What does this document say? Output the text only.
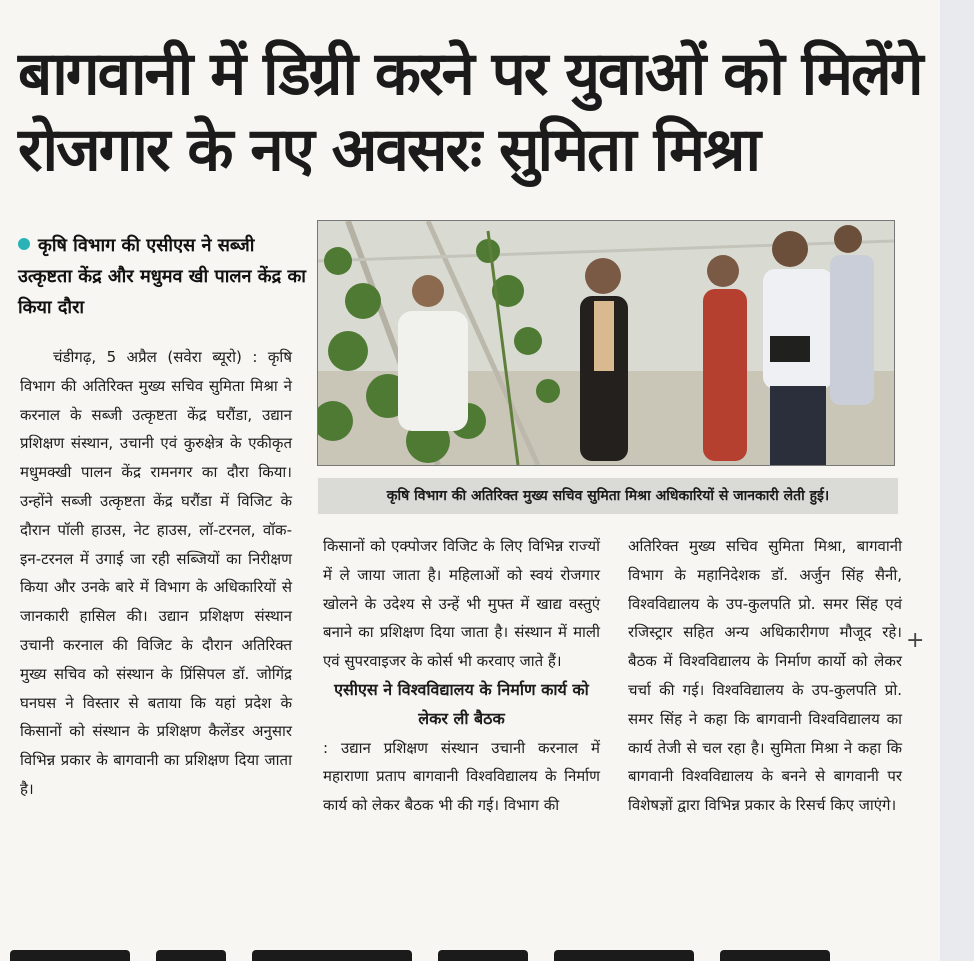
बागवानी में डिग्री करने पर युवाओं को मिलेंगे
रोजगार के नए अवसरः सुमिता मिश्रा
कृषि विभाग की एसीएस ने सब्जी उत्कृष्टता केंद्र और मधुमव खी पालन केंद्र का किया दौरा
कृषि विभाग की अतिरिक्त मुख्य सचिव सुमिता मिश्रा अधिकारियों से जानकारी लेती हुई।

चंडीगढ़, 5 अप्रैल (सवेरा ब्यूरो) : कृषि विभाग की अतिरिक्त मुख्य सचिव सुमिता मिश्रा ने करनाल के सब्जी उत्कृष्टता केंद्र घरौंडा, उद्यान प्रशिक्षण संस्थान, उचानी एवं कुरुक्षेत्र के एकीकृत मधुमक्खी पालन केंद्र रामनगर का दौरा किया। उन्होंने सब्जी उत्कृष्टता केंद्र घरौंडा में विजिट के दौरान पॉली हाउस, नेट हाउस, लॉ-टरनल, वॉक-इन-टरनल में उगाई जा रही सब्जियों का निरीक्षण किया और उनके बारे में विभाग के अधिकारियों से जानकारी हासिल की। उद्यान प्रशिक्षण संस्थान उचानी करनाल की विजिट के दौरान अतिरिक्त मुख्य सचिव को संस्थान के प्रिंसिपल डॉ. जोगिंद्र घनघस ने विस्तार से बताया कि यहां प्रदेश के किसानों को संस्थान के प्रशिक्षण कैलेंडर अनुसार विभिन्न प्रकार के बागवानी का प्रशिक्षण दिया जाता है।

किसानों को एक्पोजर विजिट के लिए विभिन्न राज्यों में ले जाया जाता है। महिलाओं को स्वयं रोजगार खोलने के उदेश्य से उन्हें भी मुफ्त में खाद्य वस्तुएं बनाने का प्रशिक्षण दिया जाता है। संस्थान में माली एवं सुपरवाइजर के कोर्स भी करवाए जाते हैं।

एसीएस ने विश्वविद्यालय के निर्माण कार्य को लेकर ली बैठक

: उद्यान प्रशिक्षण संस्थान उचानी करनाल में महाराणा प्रताप बागवानी विश्वविद्यालय के निर्माण कार्य को लेकर बैठक भी की गई। विभाग की

अतिरिक्त मुख्य सचिव सुमिता मिश्रा, बागवानी विभाग के महानिदेशक डॉ. अर्जुन सिंह सैनी, विश्वविद्यालय के उप-कुलपति प्रो. समर सिंह एवं रजिस्ट्रार सहित अन्य अधिकारीगण मौजूद रहे। बैठक में विश्वविद्यालय के निर्माण कार्यो को लेकर चर्चा की गई। विश्वविद्यालय के उप-कुलपति प्रो. समर सिंह ने कहा कि बागवानी विश्वविद्यालय का कार्य तेजी से चल रहा है। सुमिता मिश्रा ने कहा कि बागवानी विश्वविद्यालय के बनने से बागवानी पर विशेषज्ञों द्वारा विभिन्न प्रकार के रिसर्च किए जाएंगे।

+
